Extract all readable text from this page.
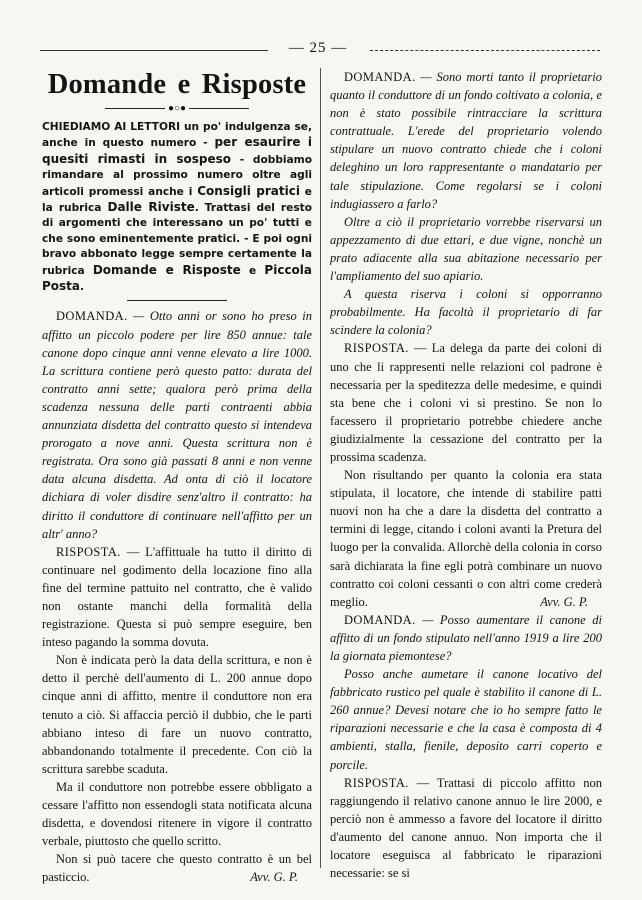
— 25 —
Domande e Risposte
●○●

CHIEDIAMO AI LETTORI un po' indulgenza se, anche in questo numero - per esaurire i quesiti rimasti in sospeso - dobbiamo rimandare al prossimo numero oltre agli articoli promessi anche i Consigli pratici e la rubrica Dalle Riviste. Trattasi del resto di argomenti che interessano un po' tutti e che sono eminentemente pratici. - E poi ogni bravo abbonato legge sempre certamente la rubrica Domande e Risposte e Piccola Posta.

DOMANDA. — Otto anni or sono ho preso in affitto un piccolo podere per lire 850 annue: tale canone dopo cinque anni venne elevato a lire 1000. La scrittura contiene però questo patto: durata del contratto anni sette; qualora però prima della scadenza nessuna delle parti contraenti abbia annunziata disdetta del contratto questo si intendeva prorogato a nove anni. Questa scrittura non è registrata. Ora sono già passati 8 anni e non venne data alcuna disdetta. Ad onta di ciò il locatore dichiara di voler disdire senz'altro il contratto: ha diritto il conduttore di continuare nell'affitto per un altr' anno?

RISPOSTA. — L'affittuale ha tutto il diritto di continuare nel godimento della locazione fino alla fine del termine pattuito nel contratto, che è valido non ostante manchi della formalità della registrazione. Questa si può sempre eseguire, ben inteso pagando la somma dovuta.

Non è indicata però la data della scrittura, e non è detto il perchè dell'aumento di L. 200 annue dopo cinque anni di affitto, mentre il conduttore non era tenuto a ciò. Si affaccia perciò il dubbio, che le parti abbiano inteso di fare un nuovo contratto, abbandonando totalmente il precedente. Con ciò la scrittura sarebbe scaduta.

Ma il conduttore non potrebbe essere obbligato a cessare l'affitto non essendogli stata notificata alcuna disdetta, e dovendosi ritenere in vigore il contratto verbale, piuttosto che quello scritto.

Non si può tacere che questo contratto è un bel pasticcio.	Avv. G. P.

DOMANDA. — Sono morti tanto il proprietario quanto il conduttore di un fondo coltivato a colonia, e non è stato possibile rintracciare la scrittura contrattuale. L'erede del proprietario volendo stipulare un nuovo contratto chiede che i coloni deleghino un loro rappresentante o mandatario per tale stipulazione. Come regolarsi se i coloni indugiassero a farlo?

Oltre a ciò il proprietario vorrebbe riservarsi un appezzamento di due ettari, e due vigne, nonchè un prato adiacente alla sua abitazione necessario per l'ampliamento del suo apiario.

A questa riserva i coloni si opporranno probabilmente. Ha facoltà il proprietario di far scindere la colonia?

RISPOSTA. — La delega da parte dei coloni di uno che li rappresenti nelle relazioni col padrone è necessaria per la speditezza delle medesime, e quindi sta bene che i coloni vi si prestino. Se non lo facessero il proprietario potrebbe chiedere anche giudizialmente la cessazione del contratto per la prossima scadenza.

Non risultando per quanto la colonia era stata stipulata, il locatore, che intende di stabilire patti nuovi non ha che a dare la disdetta del contratto a termini di legge, citando i coloni avanti la Pretura del luogo per la convalida. Allorchè della colonia in corso sarà dichiarata la fine egli potrà combinare un nuovo contratto coi coloni cessanti o con altri come crederà meglio.	Avv. G. P.

DOMANDA. — Posso aumentare il canone di affitto di un fondo stipulato nell'anno 1919 a lire 200 la giornata piemontese?

Posso anche aumetare il canone locativo del fabbricato rustico pel quale è stabilito il canone di L. 260 annue? Devesi notare che io ho sempre fatto le riparazioni necessarie e che la casa è composta di 4 ambienti, stalla, fienile, deposito carri coperto e porcile.

RISPOSTA. — Trattasi di piccolo affitto non raggiungendo il relativo canone annuo le lire 2000, e perciò non è ammesso a favore del locatore il diritto d'aumento del canone annuo. Non importa che il locatore eseguisca al fabbricato le riparazioni necessarie: se si
